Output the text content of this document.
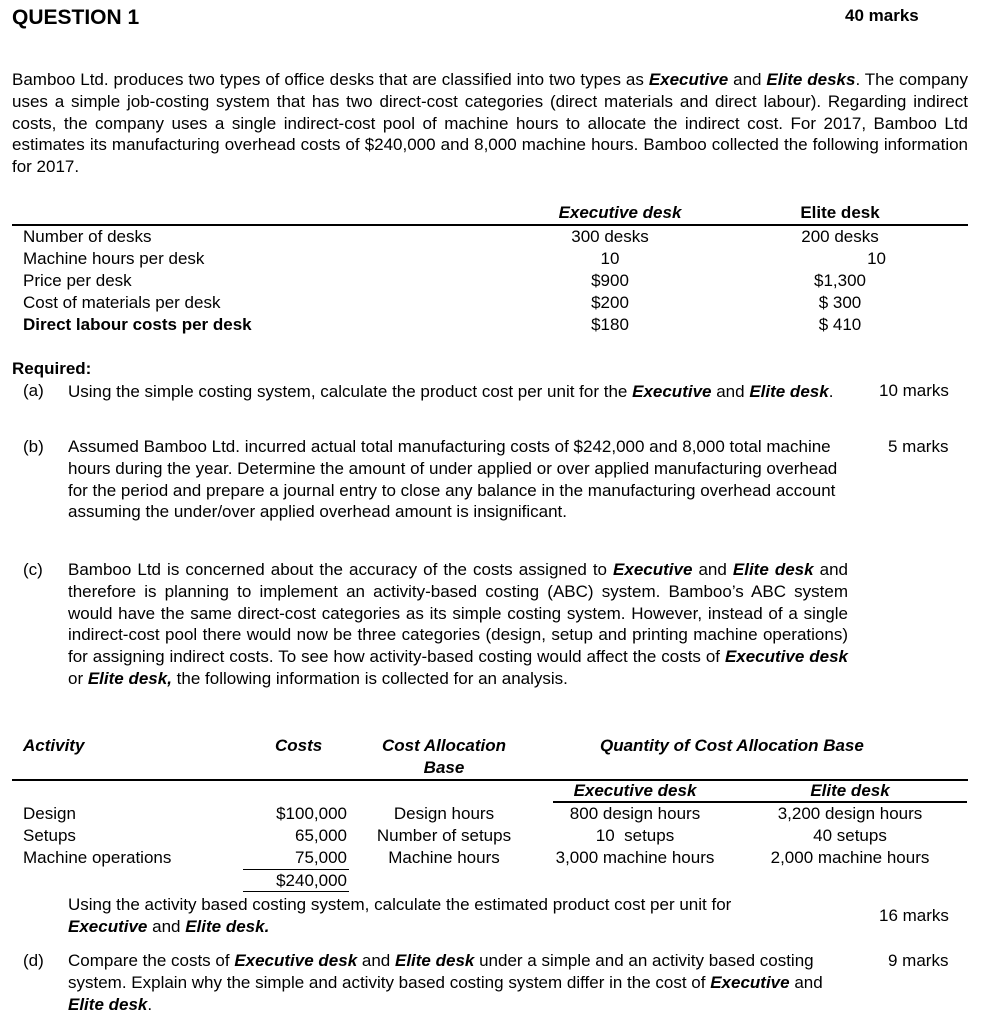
QUESTION 1	40 marks
Bamboo Ltd. produces two types of office desks that are classified into two types as Executive and Elite desks. The company uses a simple job-costing system that has two direct-cost categories (direct materials and direct labour). Regarding indirect costs, the company uses a single indirect-cost pool of machine hours to allocate the indirect cost. For 2017, Bamboo Ltd estimates its manufacturing overhead costs of $240,000 and 8,000 machine hours. Bamboo collected the following information for 2017.
Executive desk	Elite desk
Number of desks	300 desks	200 desks
Machine hours per desk	10	10
Price per desk	$900	$1,300
Cost of materials per desk	$200	$ 300
Direct labour costs per desk	$180	$ 410
Required:
(a) Using the simple costing system, calculate the product cost per unit for the Executive and Elite desk.	10 marks
(b) Assumed Bamboo Ltd. incurred actual total manufacturing costs of $242,000 and 8,000 total machine hours during the year. Determine the amount of under applied or over applied manufacturing overhead for the period and prepare a journal entry to close any balance in the manufacturing overhead account assuming the under/over applied overhead amount is insignificant.
5 marks
(c) Bamboo Ltd is concerned about the accuracy of the costs assigned to Executive and Elite desk and therefore is planning to implement an activity-based costing (ABC) system. Bamboo’s ABC system would have the same direct-cost categories as its simple costing system. However, instead of a single indirect-cost pool there would now be three categories (design, setup and printing machine operations) for assigning indirect costs. To see how activity-based costing would affect the costs of Executive desk or Elite desk, the following information is collected for an analysis.
Activity	Costs	Cost Allocation
Base
Quantity of Cost Allocation Base
Executive desk	Elite desk
Design	$100,000	Design hours	800 design hours	3,200 design hours
Setups	65,000	Number of setups	10  setups	40 setups
Machine operations	75,000	Machine hours	3,000 machine hours	2,000 machine hours
$240,000
Using the activity based costing system, calculate the estimated product cost per unit for
Executive and Elite desk.
16 marks
(d) Compare the costs of Executive desk and Elite desk under a simple and an activity based costing system. Explain why the simple and activity based costing system differ in the cost of Executive and Elite desk.
9 marks
